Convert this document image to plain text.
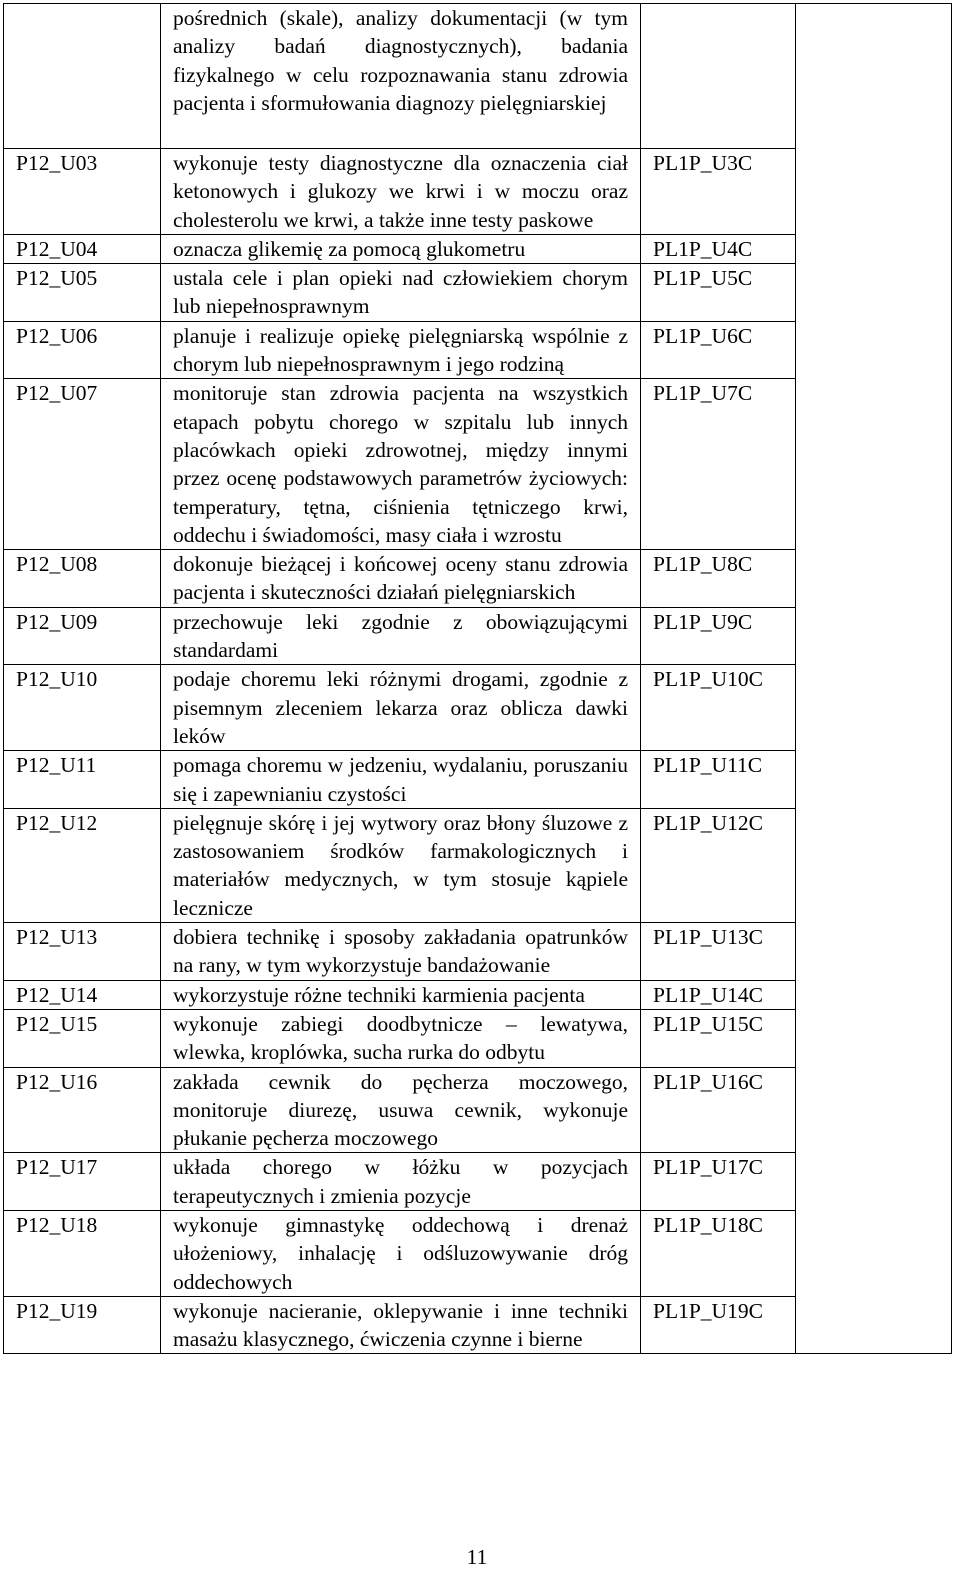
	pośrednich (skale), analizy dokumentacji (w tym analizy badań diagnostycznych), badania fizykalnego w celu rozpoznawania stanu zdrowia pacjenta i sformułowania diagnozy pielęgniarskiej		
P12_U03	wykonuje testy diagnostyczne dla oznaczenia ciał ketonowych i glukozy we krwi i w moczu oraz cholesterolu we krwi, a także inne testy paskowe	PL1P_U3C	
P12_U04	oznacza glikemię za pomocą glukometru	PL1P_U4C	
P12_U05	ustala cele i plan opieki nad człowiekiem chorym lub niepełnosprawnym	PL1P_U5C	
P12_U06	planuje i realizuje opiekę pielęgniarską wspólnie z chorym lub niepełnosprawnym i jego rodziną	PL1P_U6C	
P12_U07	monitoruje stan zdrowia pacjenta na wszystkich etapach pobytu chorego w szpitalu lub innych placówkach opieki zdrowotnej, między innymi przez ocenę podstawowych parametrów życiowych: temperatury, tętna, ciśnienia tętniczego krwi, oddechu i świadomości, masy ciała i wzrostu	PL1P_U7C	
P12_U08	dokonuje bieżącej i końcowej oceny stanu zdrowia pacjenta i skuteczności działań pielęgniarskich	PL1P_U8C	
P12_U09	przechowuje leki zgodnie z obowiązującymi standardami	PL1P_U9C	
P12_U10	podaje choremu leki różnymi drogami, zgodnie z pisemnym zleceniem lekarza oraz oblicza dawki leków	PL1P_U10C	
P12_U11	pomaga choremu w jedzeniu, wydalaniu, poruszaniu się i zapewnianiu czystości	PL1P_U11C	
P12_U12	pielęgnuje skórę i jej wytwory oraz błony śluzowe z zastosowaniem środków farmakologicznych i materiałów medycznych, w tym stosuje kąpiele lecznicze	PL1P_U12C	
P12_U13	dobiera technikę i sposoby zakładania opatrunków na rany, w tym wykorzystuje bandażowanie	PL1P_U13C	
P12_U14	wykorzystuje różne techniki karmienia pacjenta	PL1P_U14C	
P12_U15	wykonuje zabiegi doodbytnicze – lewatywa, wlewka, kroplówka, sucha rurka do odbytu	PL1P_U15C	
P12_U16	zakłada cewnik do pęcherza moczowego, monitoruje diurezę, usuwa cewnik, wykonuje płukanie pęcherza moczowego	PL1P_U16C	
P12_U17	układa chorego w łóżku w pozycjach terapeutycznych i zmienia pozycje	PL1P_U17C	
P12_U18	wykonuje gimnastykę oddechową i drenaż ułożeniowy, inhalację i odśluzowywanie dróg oddechowych	PL1P_U18C	
P12_U19	wykonuje nacieranie, oklepywanie i inne techniki masażu klasycznego, ćwiczenia czynne i bierne	PL1P_U19C	
11
